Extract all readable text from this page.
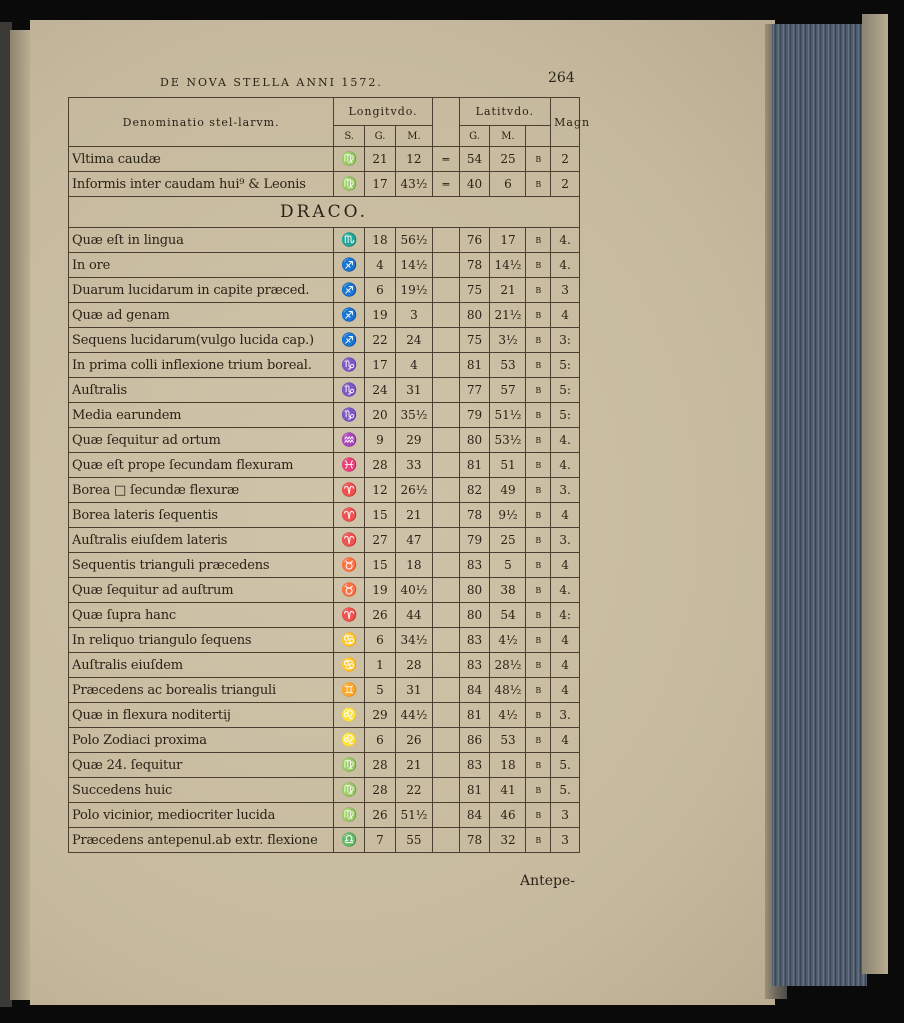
DE NOVA STELLA ANNI 1572.	264
Denominatio stel-larvm.	Longitvdo.				Latitvdo.			Magn
	S.	G.	M.		G.	M.		
Vltima caudæ	♍	21	12	═	54	25	B	2
Informis inter caudam hui⁹ & Leonis	♍	17	43½	═	40	6	B	2
DRACO.								
Quæ eſt in lingua	♏	18	56½		76	17	B	4.
In ore	♐	4	14½		78	14½	B	4.
Duarum lucidarum in capite præced.	♐	6	19½		75	21	B	3
Quæ ad genam	♐	19	3		80	21½	B	4
Sequens lucidarum(vulgo lucida cap.)	♐	22	24		75	3½	B	3:
In prima colli inflexione trium boreal.	♑	17	4		81	53	B	5:
Auſtralis	♑	24	31		77	57	B	5:
Media earundem	♑	20	35½		79	51½	B	5:
Quæ ſequitur ad ortum	♒	9	29		80	53½	B	4.
Quæ eſt prope ſecundam flexuram	♓	28	33		81	51	B	4.
Borea □ ſecundæ flexuræ	♈	12	26½		82	49	B	3.
Borea lateris ſequentis	♈	15	21		78	9½	B	4
Auſtralis eiuſdem lateris	♈	27	47		79	25	B	3.
Sequentis trianguli præcedens	♉	15	18		83	5	B	4
Quæ ſequitur ad auſtrum	♉	19	40½		80	38	B	4.
Quæ ſupra hanc	♈	26	44		80	54	B	4:
In reliquo triangulo ſequens	♋	6	34½		83	4½	B	4
Auſtralis eiuſdem	♋	1	28		83	28½	B	4
Præcedens ac borealis trianguli	♊	5	31		84	48½	B	4
Quæ in flexura noditertij	♌	29	44½		81	4½	B	3.
Polo Zodiaci proxima	♌	6	26		86	53	B	4
Quæ 24. ſequitur	♍	28	21		83	18	B	5.
Succedens huic	♍	28	22		81	41	B	5.
Polo vicinior, mediocriter lucida	♍	26	51½		84	46	B	3
Præcedens antepenul.ab extr. flexione	♎	7	55		78	32	B	3
Antepe-
